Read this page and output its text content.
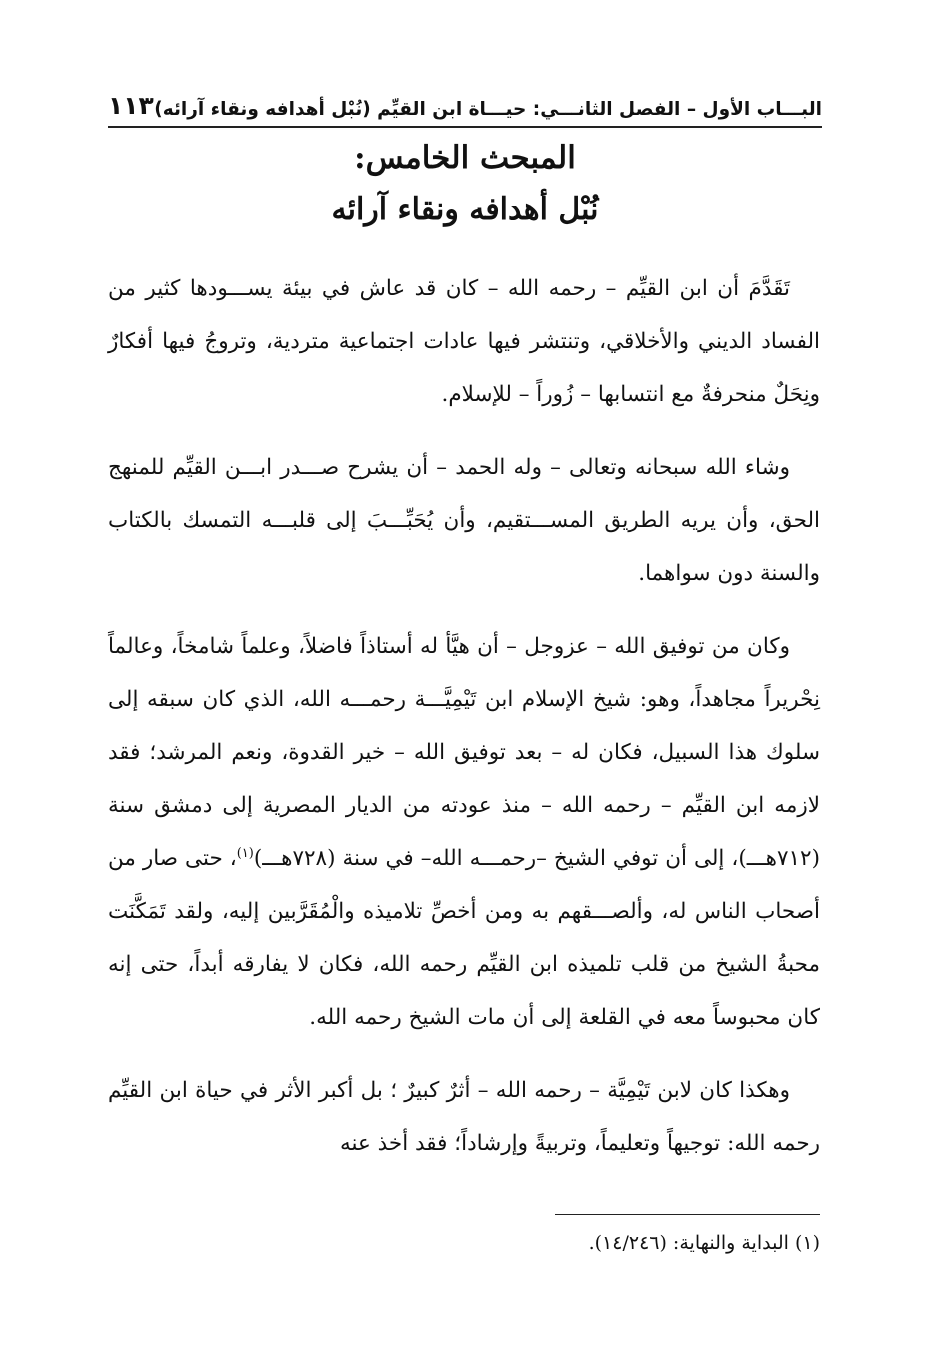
البـــاب الأول – الفصل الثانـــي: حيـــاة ابن القيِّم (نُبْل أهدافه ونقاء آرائه)
١١٣
المبحث الخامس:
نُبْل أهدافه ونقاء آرائه

تَقَدَّمَ أن ابن القيِّم – رحمه الله – كان قد عاش في بيئة يســـودها كثير من الفساد الديني والأخلاقي، وتنتشر فيها عادات اجتماعية متردية، وتروجُ فيها أفكارٌ ونِحَلٌ منحرفةٌ مع انتسابها – زُوراً – للإسلام.

وشاء الله سبحانه وتعالى – وله الحمد – أن يشرح صـــدر ابـــن القيِّم للمنهج الحق، وأن يريه الطريق المســـتقيم، وأن يُحَبِّـــبَ إلى قلبـــه التمسك بالكتاب والسنة دون سواهما.

وكان من توفيق الله – عزوجل – أن هيَّأ له أستاذاً فاضلاً، وعلماً شامخاً، وعالماً نِحْريراً مجاهداً، وهو: شيخ الإسلام ابن تَيْمِيَّـــة رحمـــه الله، الذي كان سبقه إلى سلوك هذا السبيل، فكان له – بعد توفيق الله – خير القدوة، ونعم المرشد؛ فقد لازمه ابن القيِّم – رحمه الله – منذ عودته من الديار المصرية إلى دمشق سنة (٧١٢هـــ)، إلى أن توفي الشيخ –رحمـــه الله– في سنة (٧٢٨هـــ)$^{(١)}$، حتى صار من أصحاب الناس له، وألصـــقهم به ومن أخصِّ تلاميذه والْمُقَرَّبين إليه، ولقد تَمَكَّنَت محبةُ الشيخ من قلب تلميذه ابن القيِّم رحمه الله، فكان لا يفارقه أبداً، حتى إنه كان محبوساً معه في القلعة إلى أن مات الشيخ رحمه الله.

وهكذا كان لابن تَيْمِيَّة – رحمه الله – أثرٌ كبيرٌ ؛ بل أكبر الأثر في حياة ابن القيِّم رحمه الله: توجيهاً وتعليماً، وتربيةً وإرشاداً؛ فقد أخذ عنه

(١) البداية والنهاية: (١٤/٢٤٦).
